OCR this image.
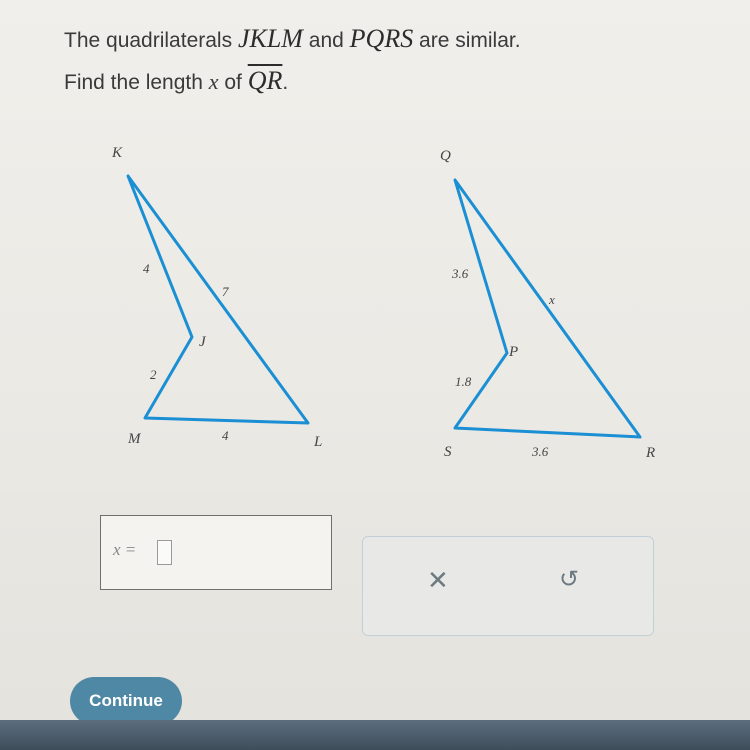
The quadrilaterals JKLM and PQRS are similar.
Find the length x of $\overline{QR}$.
K
J
M	L
4
7
2
4
Q
P
S	R
3.6
x
1.8
3.6
x =
✕	↺
Continue
